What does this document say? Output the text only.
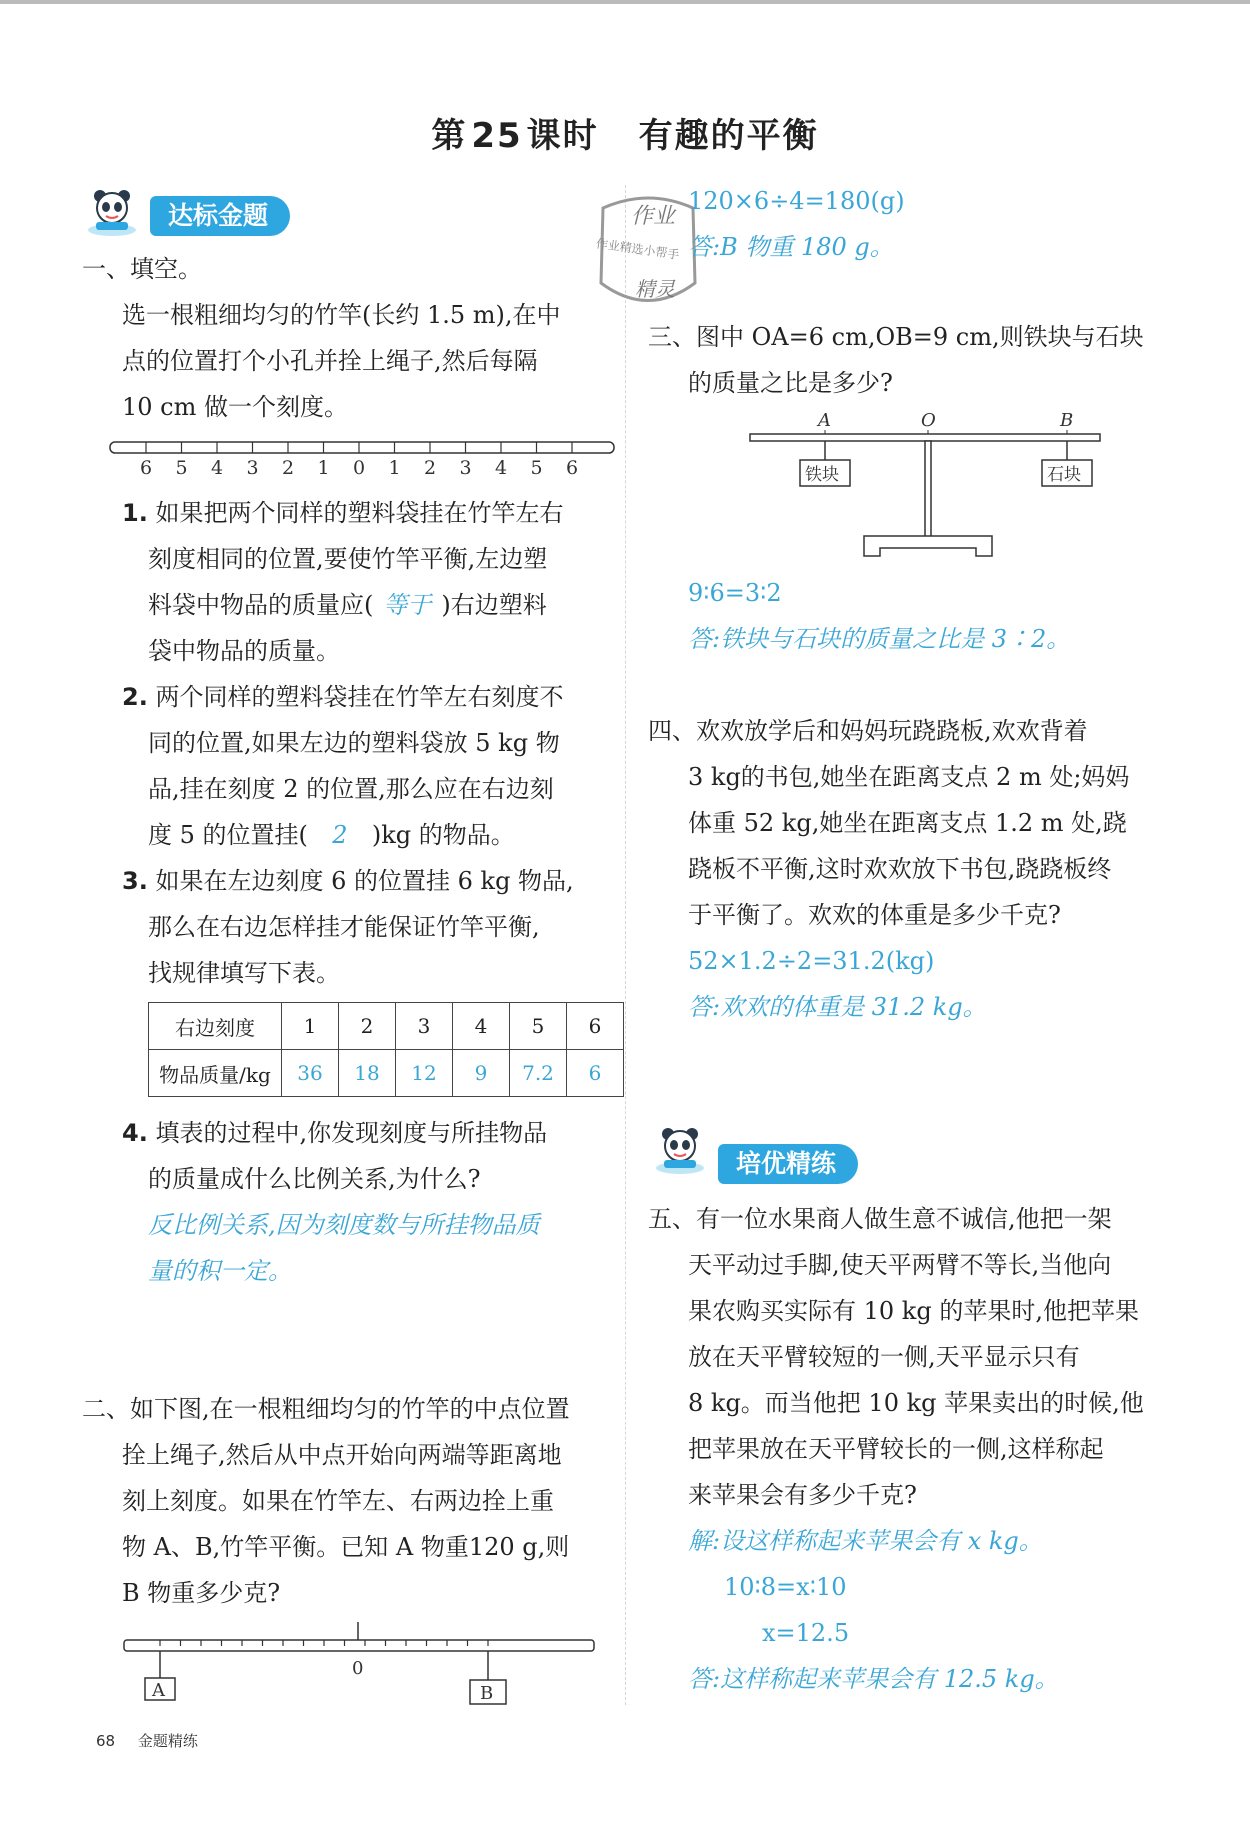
第 25 课时 有趣的平衡
达标金题	作业
作业精选小帮手
精灵
一、填空。
选一根粗细均匀的竹竿(长约 1.5 m),在中
点的位置打个小孔并拴上绳子,然后每隔
10 cm 做一个刻度。
6 5 4 3 2 1 0 1 2 3 4 5 6
1. 如果把两个同样的塑料袋挂在竹竿左右
刻度相同的位置,要使竹竿平衡,左边塑
料袋中物品的质量应( 等于 )右边塑料
袋中物品的质量。
2. 两个同样的塑料袋挂在竹竿左右刻度不
同的位置,如果左边的塑料袋放 5 kg 物
品,挂在刻度 2 的位置,那么应在右边刻
度 5 的位置挂( 2 )kg 的物品。
3. 如果在左边刻度 6 的位置挂 6 kg 物品,
那么在右边怎样挂才能保证竹竿平衡,
找规律填写下表。
右边刻度	1	2	3	4	5	6
物品质量/kg	36	18	12	9	7.2	6
4. 填表的过程中,你发现刻度与所挂物品
的质量成什么比例关系,为什么?
反比例关系,因为刻度数与所挂物品质
量的积一定。
二、如下图,在一根粗细均匀的竹竿的中点位置
拴上绳子,然后从中点开始向两端等距离地
刻上刻度。如果在竹竿左、右两边拴上重
物 A、B,竹竿平衡。已知 A 物重120 g,则
B 物重多少克?
0
A	B
120×6÷4=180(g)
答:B 物重 180 g。
三、图中 OA=6 cm,OB=9 cm,则铁块与石块
的质量之比是多少?
A	O	B
铁块	石块
9∶6=3∶2
答:铁块与石块的质量之比是 3∶2。
四、欢欢放学后和妈妈玩跷跷板,欢欢背着
3 kg的书包,她坐在距离支点 2 m 处;妈妈
体重 52 kg,她坐在距离支点 1.2 m 处,跷
跷板不平衡,这时欢欢放下书包,跷跷板终
于平衡了。欢欢的体重是多少千克?
52×1.2÷2=31.2(kg)
答:欢欢的体重是 31.2 kg。
培优精练
五、有一位水果商人做生意不诚信,他把一架
天平动过手脚,使天平两臂不等长,当他向
果农购买实际有 10 kg 的苹果时,他把苹果
放在天平臂较短的一侧,天平显示只有
8 kg。而当他把 10 kg 苹果卖出的时候,他
把苹果放在天平臂较长的一侧,这样称起
来苹果会有多少千克?
解:设这样称起来苹果会有 x kg。
10∶8=x∶10
x=12.5
答:这样称起来苹果会有 12.5 kg。
68 金题精练
